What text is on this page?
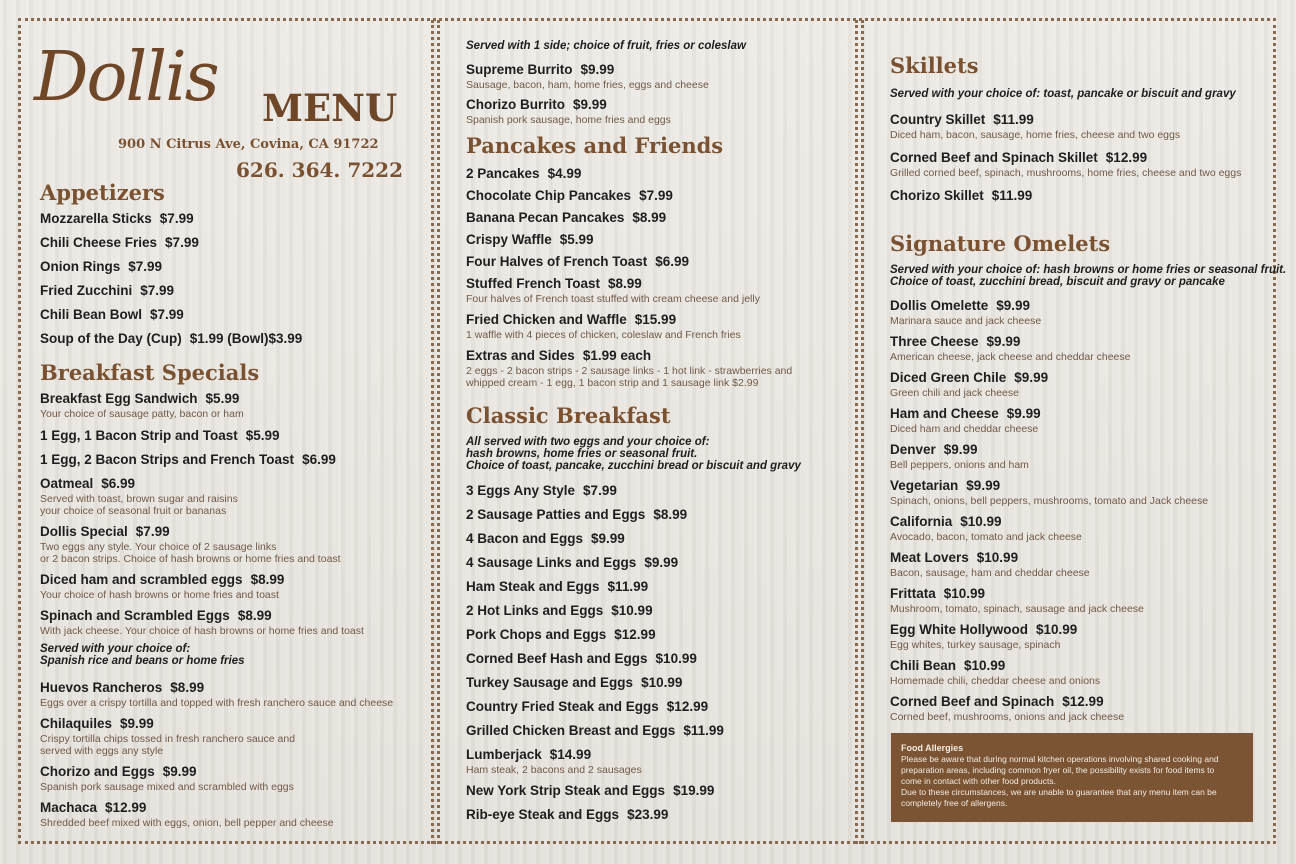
Dollis MENU
900 N Citrus Ave, Covina, CA 91722
626. 364. 7222
Appetizers
Mozzarella Sticks $7.99
Chili Cheese Fries $7.99
Onion Rings $7.99
Fried Zucchini $7.99
Chili Bean Bowl $7.99
Soup of the Day (Cup) $1.99 (Bowl)$3.99
Breakfast Specials
Breakfast Egg Sandwich $5.99
Your choice of sausage patty, bacon or ham
1 Egg, 1 Bacon Strip and Toast $5.99
1 Egg, 2 Bacon Strips and French Toast $6.99
Oatmeal $6.99
Served with toast, brown sugar and raisins
your choice of seasonal fruit or bananas
Dollis Special $7.99
Two eggs any style. Your choice of 2 sausage links
or 2 bacon strips. Choice of hash browns or home fries and toast
Diced ham and scrambled eggs $8.99
Your choice of hash browns or home fries and toast
Spinach and Scrambled Eggs $8.99
With jack cheese. Your choice of hash browns or home fries and toast
Served with your choice of:
Spanish rice and beans or home fries
Huevos Rancheros $8.99
Eggs over a crispy tortilla and topped with fresh ranchero sauce and cheese
Chilaquiles $9.99
Crispy tortilla chips tossed in fresh ranchero sauce and
served with eggs any style
Chorizo and Eggs $9.99
Spanish pork sausage mixed and scrambled with eggs
Machaca $12.99
Shredded beef mixed with eggs, onion, bell pepper and cheese
Served with 1 side; choice of fruit, fries or coleslaw
Supreme Burrito $9.99
Sausage, bacon, ham, home fries, eggs and cheese
Chorizo Burrito $9.99
Spanish pork sausage, home fries and eggs
Pancakes and Friends
2 Pancakes $4.99
Chocolate Chip Pancakes $7.99
Banana Pecan Pancakes $8.99
Crispy Waffle $5.99
Four Halves of French Toast $6.99
Stuffed French Toast $8.99
Four halves of French toast stuffed with cream cheese and jelly
Fried Chicken and Waffle $15.99
1 waffle with 4 pieces of chicken, coleslaw and French fries
Extras and Sides $1.99 each
2 eggs - 2 bacon strips - 2 sausage links - 1 hot link - strawberries and
whipped cream - 1 egg, 1 bacon strip and 1 sausage link $2.99
Classic Breakfast
All served with two eggs and your choice of:
hash browns, home fries or seasonal fruit.
Choice of toast, pancake, zucchini bread or biscuit and gravy
3 Eggs Any Style $7.99
2 Sausage Patties and Eggs $8.99
4 Bacon and Eggs $9.99
4 Sausage Links and Eggs $9.99
Ham Steak and Eggs $11.99
2 Hot Links and Eggs $10.99
Pork Chops and Eggs $12.99
Corned Beef Hash and Eggs $10.99
Turkey Sausage and Eggs $10.99
Country Fried Steak and Eggs $12.99
Grilled Chicken Breast and Eggs $11.99
Lumberjack $14.99
Ham steak, 2 bacons and 2 sausages
New York Strip Steak and Eggs $19.99
Rib-eye Steak and Eggs $23.99
Skillets
Served with your choice of: toast, pancake or biscuit and gravy
Country Skillet $11.99
Diced ham, bacon, sausage, home fries, cheese and two eggs
Corned Beef and Spinach Skillet $12.99
Grilled corned beef, spinach, mushrooms, home fries, cheese and two eggs
Chorizo Skillet $11.99
Signature Omelets
Served with your choice of: hash browns or home fries or seasonal fruit.
Choice of toast, zucchini bread, biscuit and gravy or pancake
Dollis Omelette $9.99
Marinara sauce and jack cheese
Three Cheese $9.99
American cheese, jack cheese and cheddar cheese
Diced Green Chile $9.99
Green chili and jack cheese
Ham and Cheese $9.99
Diced ham and cheddar cheese
Denver $9.99
Bell peppers, onions and ham
Vegetarian $9.99
Spinach, onions, bell peppers, mushrooms, tomato and Jack cheese
California $10.99
Avocado, bacon, tomato and jack cheese
Meat Lovers $10.99
Bacon, sausage, ham and cheddar cheese
Frittata $10.99
Mushroom, tomato, spinach, sausage and jack cheese
Egg White Hollywood $10.99
Egg whites, turkey sausage, spinach
Chili Bean $10.99
Homemade chili, cheddar cheese and onions
Corned Beef and Spinach $12.99
Corned beef, mushrooms, onions and jack cheese
Food Allergies
Please be aware that during normal kitchen operations involving shared cooking and
preparation areas, including common fryer oil, the possibility exists for food items to
come in contact with other food products.
Due to these circumstances, we are unable to guarantee that any menu item can be
completely free of allergens.
